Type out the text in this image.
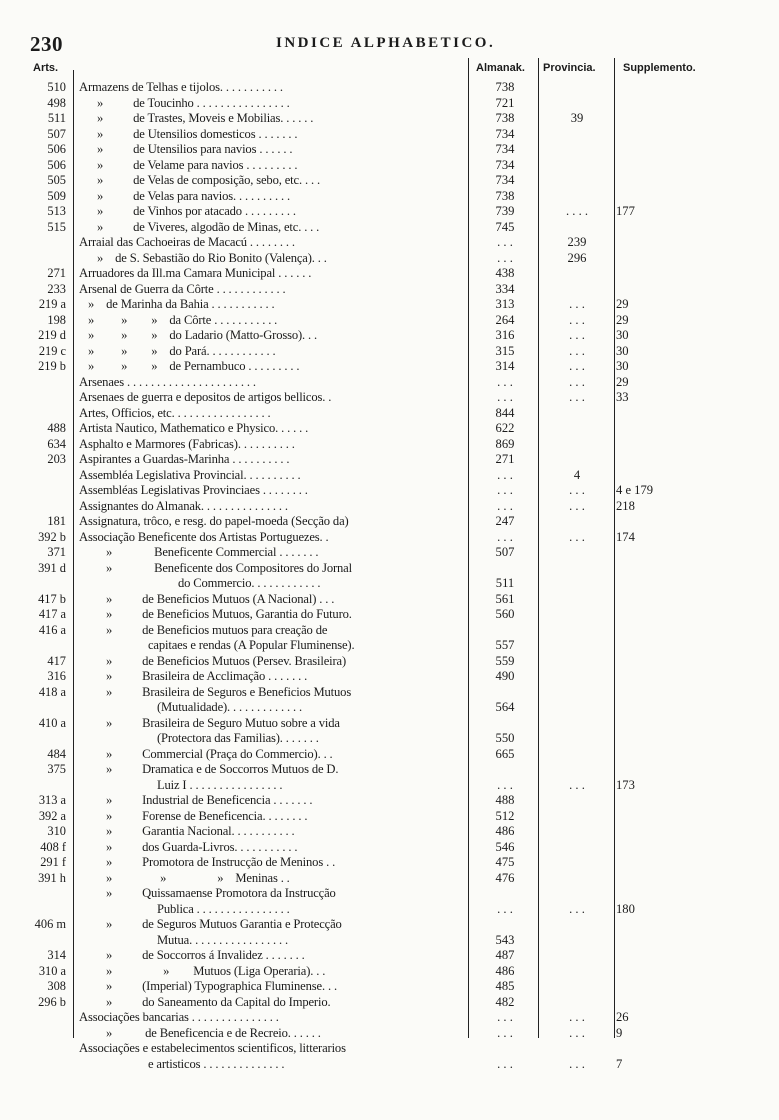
230	INDICE ALPHABETICO.
Arts.	Almanak. Provincia. Supplemento.
510 Armazens de Telhas e tijolos. . . . . . . . . . .	738
498 »          de Toucinho . . . . . . . . . . . . . . . .	721
511 »          de Trastes, Moveis e Mobilias. . . . . .	738	39
507 »          de Utensilios domesticos . . . . . . .	734
506 »          de Utensilios para navios . . . . . .	734
506 »          de Velame para navios . . . . . . . . .	734
505 »          de Velas de composição, sebo, etc. . . .	734
509 »          de Velas para navios. . . . . . . . . .	738
513 »          de Vinhos por atacado . . . . . . . . .	739	. . . .	177
515 »          de Viveres, algodão de Minas, etc. . . .	745
Arraial das Cachoeiras de Macacú . . . . . . . .	. . .	239
»    de S. Sebastião do Rio Bonito (Valença). . .	. . .	296
271 Arruadores da Ill.ma Camara Municipal . . . . . .	438
233 Arsenal de Guerra da Côrte . . . . . . . . . . . .	334
219 a »    de Marinha da Bahia . . . . . . . . . . .	313	. . .	29
198 »         »        »    da Côrte . . . . . . . . . . .	264	. . .	29
219 d »         »        »    do Ladario (Matto-Grosso). . .	316	. . .	30
219 c »         »        »    do Pará. . . . . . . . . . . .	315	. . .	30
219 b »         »        »    de Pernambuco . . . . . . . . .	314	. . .	30
Arsenaes . . . . . . . . . . . . . . . . . . . . . .	. . .	. . .	29
Arsenaes de guerra e depositos de artigos bellicos. .	. . .	. . .	33
Artes, Officios, etc. . . . . . . . . . . . . . . . .	844
488 Artista Nautico, Mathematico e Physico. . . . . .	622
634 Asphalto e Marmores (Fabricas). . . . . . . . . .	869
203 Aspirantes a Guardas-Marinha . . . . . . . . . .	271
Assembléa Legislativa Provincial. . . . . . . . . .	. . .	4
Assembléas Legislativas Provinciaes . . . . . . . .	. . .	. . .	4 e 179
Assignantes do Almanak. . . . . . . . . . . . . . .	. . .	. . .	218
181 Assignatura, trôco, e resg. do papel-moeda (Secção da)	247
392 b Associação Beneficente dos Artistas Portuguezes. .	. . .	. . .	174
371 »              Beneficente Commercial . . . . . . .	507
391 d »              Beneficente dos Compositores do Jornal
do Commercio. . . . . . . . . . . .	511
417 b »          de Beneficios Mutuos (A Nacional) . . .	561
417 a »          de Beneficios Mutuos, Garantia do Futuro.	560
416 a »          de Beneficios mutuos para creação de
capitaes e rendas (A Popular Fluminense).	557
417 »          de Beneficios Mutuos (Persev. Brasileira)	559
316 »          Brasileira de Acclimação . . . . . . .	490
418 a »          Brasileira de Seguros e Beneficios Mutuos
(Mutualidade). . . . . . . . . . . . .	564
410 a »          Brasileira de Seguro Mutuo sobre a vida
(Protectora das Familias). . . . . . .	550
484 »          Commercial (Praça do Commercio). . .	665
375 »          Dramatica e de Soccorros Mutuos de D.
Luiz I . . . . . . . . . . . . . . . .	. . .	. . .	173
313 a »          Industrial de Beneficencia . . . . . . .	488
392 a »          Forense de Beneficencia. . . . . . . .	512
310 »          Garantia Nacional. . . . . . . . . . .	486
408 f »          dos Guarda-Livros. . . . . . . . . . .	546
291 f »          Promotora de Instrucção de Meninos . .	475
391 h »                »                 »    Meninas . .	476
»          Quissamaense Promotora da Instrucção
Publica . . . . . . . . . . . . . . . .	. . .	. . .	180
406 m »          de Seguros Mutuos Garantia e Protecção
Mutua. . . . . . . . . . . . . . . . .	543
314 »          de Soccorros á Invalidez . . . . . . .	487
310 a »                 »        Mutuos (Liga Operaria). . .	486
308 »          (Imperial) Typographica Fluminense. . .	485
296 b »          do Saneamento da Capital do Imperio.	482
Associações bancarias . . . . . . . . . . . . . . .	. . .	. . .	26
»           de Beneficencia e de Recreio. . . . . .	. . .	. . .	9
Associações e estabelecimentos scientificos, litterarios
e artisticos . . . . . . . . . . . . . .	. . .	. . .	7
